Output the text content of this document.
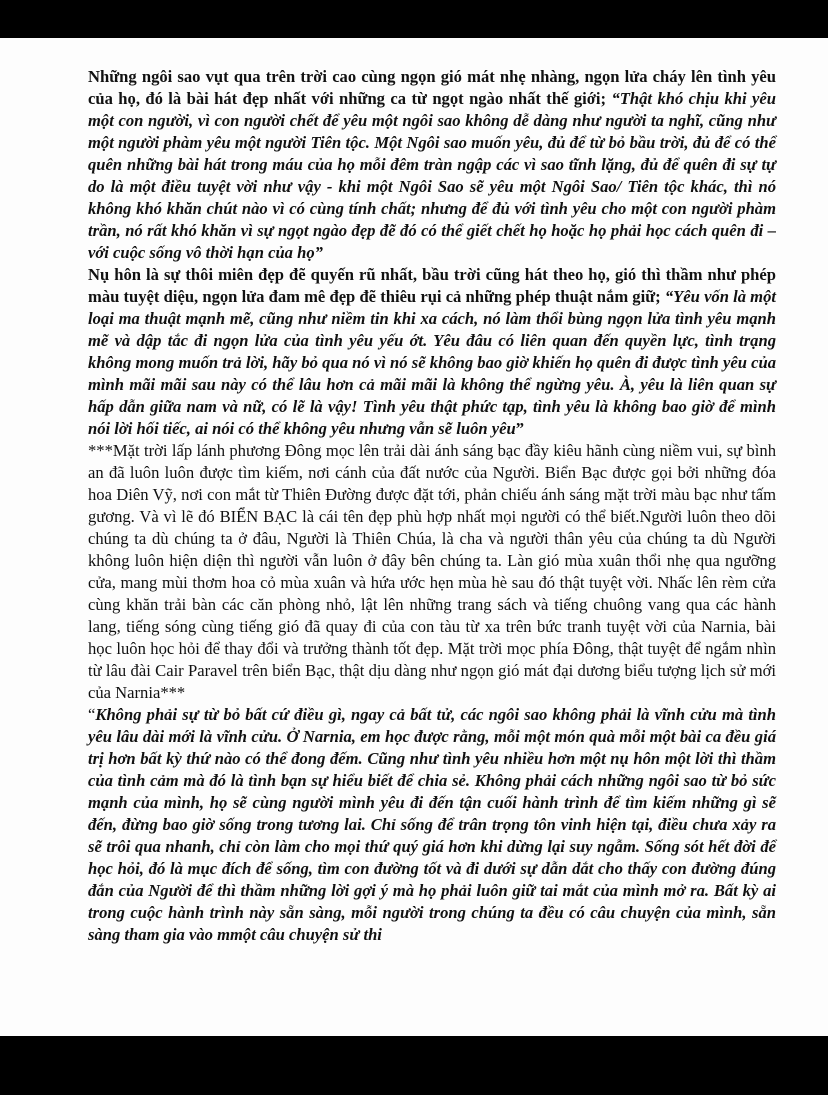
Những ngôi sao vụt qua trên trời cao cùng ngọn gió mát nhẹ nhàng, ngọn lửa cháy lên tình yêu của họ, đó là bài hát đẹp nhất với những ca từ ngọt ngào nhất thế giới; “Thật khó chịu khi yêu một con người, vì con người chết để yêu một ngôi sao không dễ dàng như người ta nghĩ, cũng như một người phàm yêu một người Tiên tộc. Một Ngôi sao muốn yêu, đủ để từ bỏ bầu trời, đủ để có thể quên những bài hát trong máu của họ mỗi đêm tràn ngập các vì sao tĩnh lặng, đủ để quên đi sự tự do là một điều tuyệt vời như vậy - khi một Ngôi Sao sẽ yêu một Ngôi Sao/ Tiên tộc khác, thì nó không khó khăn chút nào vì có cùng tính chất; nhưng để đủ với tình yêu cho một con người phàm trần, nó rất khó khăn vì sự ngọt ngào đẹp đẽ đó có thể giết chết họ hoặc họ phải học cách quên đi – với cuộc sống vô thời hạn của họ”

Nụ hôn là sự thôi miên đẹp đẽ quyến rũ nhất, bầu trời cũng hát theo họ, gió thì thầm như phép màu tuyệt diệu, ngọn lửa đam mê đẹp đẽ thiêu rụi cả những phép thuật nắm giữ; “Yêu vốn là một loại ma thuật mạnh mẽ, cũng như niềm tin khi xa cách, nó làm thổi bùng ngọn lửa tình yêu mạnh mẽ và dập tắc đi ngọn lửa của tình yêu yếu ớt. Yêu đâu có liên quan đến quyền lực, tình trạng không mong muốn trả lời, hãy bỏ qua nó vì nó sẽ không bao giờ khiến họ quên đi được tình yêu của mình mãi mãi sau này có thể lâu hơn cả mãi mãi là không thể ngừng yêu. À, yêu là liên quan sự hấp dẫn giữa nam và nữ, có lẽ là vậy! Tình yêu thật phức tạp, tình yêu là không bao giờ để mình nói lời hối tiếc, ai nói có thể không yêu nhưng vẫn sẽ luôn yêu”

***Mặt trời lấp lánh phương Đông mọc lên trải dài ánh sáng bạc đầy kiêu hãnh cùng niềm vui, sự bình an đã luôn luôn được tìm kiếm, nơi cánh của đất nước của Người. Biển Bạc được gọi bởi những đóa hoa Diên Vỹ, nơi con mắt từ Thiên Đường được đặt tới, phản chiếu ánh sáng mặt trời màu bạc như tấm gương. Và vì lẽ đó BIỂN BẠC là cái tên đẹp phù hợp nhất mọi người có thể biết.Người luôn theo dõi chúng ta dù chúng ta ở đâu, Người là Thiên Chúa, là cha và người thân yêu của chúng ta dù Người không luôn hiện diện thì người vẫn luôn ở đây bên chúng ta. Làn gió mùa xuân thổi nhẹ qua ngưỡng cửa, mang mùi thơm hoa cỏ mùa xuân và hứa ước hẹn mùa hè sau đó thật tuyệt vời. Nhấc lên rèm cửa cùng khăn trải bàn các căn phòng nhỏ, lật lên những trang sách và tiếng chuông vang qua các hành lang, tiếng sóng cùng tiếng gió đã quay đi của con tàu từ xa trên bức tranh tuyệt vời của Narnia, bài học luôn học hỏi để thay đổi và trưởng thành tốt đẹp. Mặt trời mọc phía Đông, thật tuyệt để ngắm nhìn từ lâu đài Cair Paravel trên biển Bạc, thật dịu dàng như ngọn gió mát đại dương biểu tượng lịch sử mới của Narnia***

“Không phải sự từ bỏ bất cứ điều gì, ngay cả bất tử, các ngôi sao không phải là vĩnh cửu mà tình yêu lâu dài mới là vĩnh cửu. Ở Narnia, em học được rằng, mỗi một món quà mỗi một bài ca đều giá trị hơn bất kỳ thứ nào có thể đong đếm. Cũng như tình yêu nhiều hơn một nụ hôn một lời thì thầm của tình cảm mà đó là tình bạn sự hiểu biết để chia sẻ. Không phải cách những ngôi sao từ bỏ sức mạnh của mình, họ sẽ cùng người mình yêu đi đến tận cuối hành trình để tìm kiếm những gì sẽ đến, đừng bao giờ sống trong tương lai. Chỉ sống để trân trọng tôn vinh hiện tại, điều chưa xảy ra sẽ trôi qua nhanh, chỉ còn làm cho mọi thứ quý giá hơn khi dừng lại suy ngẫm. Sống sót hết đời để học hỏi, đó là mục đích để sống, tìm con đường tốt và đi dưới sự dẫn dắt cho thấy con đường đúng đắn của Người để thì thầm những lời gợi ý mà họ phải luôn giữ tai mắt của mình mở ra. Bất kỳ ai trong cuộc hành trình này sẵn sàng, mỗi người trong chúng ta đều có câu chuyện của mình, sẵn sàng tham gia vào mmột câu chuyện sử thi
